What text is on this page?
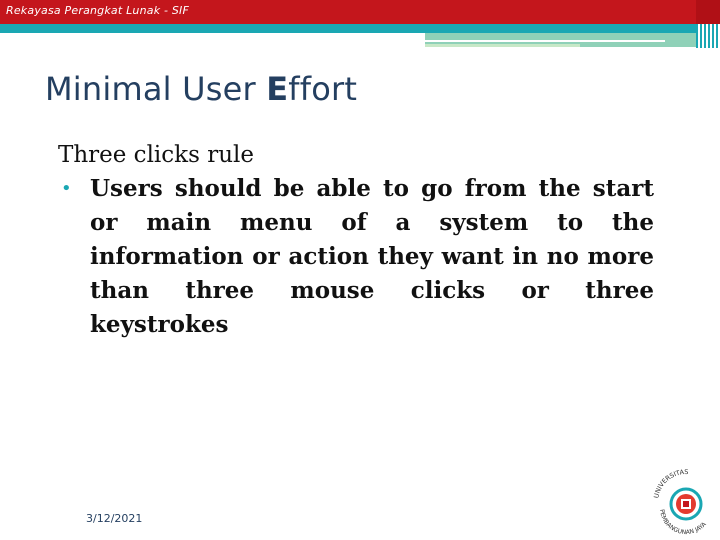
Rekayasa Perangkat Lunak - SIF
Minimal User Effort
Three clicks rule
• Users should be able to go from the start or main menu of a system to the information or action they want in no more than three mouse clicks or three keystrokes
3/12/2021
UNIVERSITAS
PEMBANGUNAN JAYA
